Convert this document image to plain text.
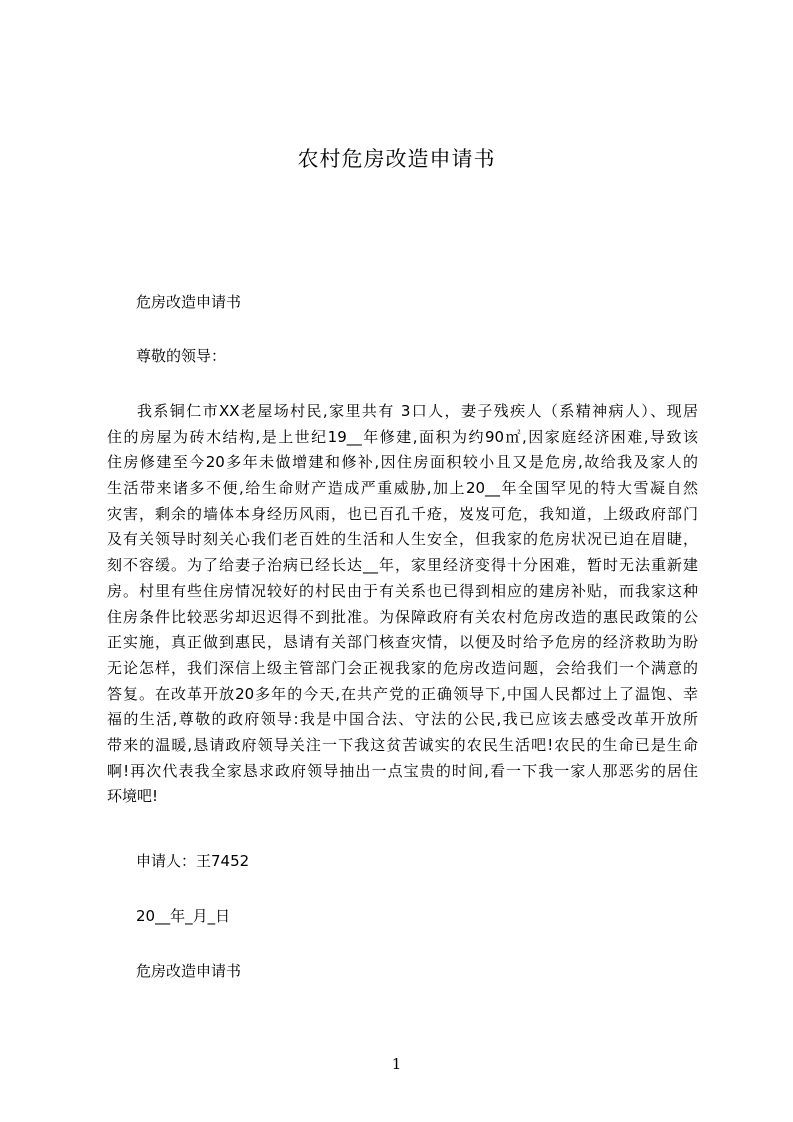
农村危房改造申请书
危房改造申请书
尊敬的领导：
我系铜仁市XX老屋场村民,家里共有 3口人，妻子残疾人（系精神病人）、现居
住的房屋为砖木结构,是上世纪19__年修建,面积为约90㎡,因家庭经济困难,导致该
住房修建至今20多年未做增建和修补,因住房面积较小且又是危房,故给我及家人的
生活带来诸多不便,给生命财产造成严重威胁,加上20__年全国罕见的特大雪凝自然
灾害，剩余的墙体本身经历风雨，也已百孔千疮，岌岌可危，我知道，上级政府部门
及有关领导时刻关心我们老百姓的生活和人生安全，但我家的危房状况已迫在眉睫，
刻不容缓。为了给妻子治病已经长达__年，家里经济变得十分困难，暂时无法重新建
房。村里有些住房情况较好的村民由于有关系也已得到相应的建房补贴，而我家这种
住房条件比较恶劣却迟迟得不到批准。为保障政府有关农村危房改造的惠民政策的公
正实施，真正做到惠民，恳请有关部门核查灾情，以便及时给予危房的经济救助为盼
无论怎样，我们深信上级主管部门会正视我家的危房改造问题，会给我们一个满意的
答复。在改革开放20多年的今天,在共产党的正确领导下,中国人民都过上了温饱、幸
福的生活,尊敬的政府领导:我是中国合法、守法的公民,我已应该去感受改革开放所
带来的温暖,恳请政府领导关注一下我这贫苦诚实的农民生活吧!农民的生命已是生命
啊!再次代表我全家恳求政府领导抽出一点宝贵的时间,看一下我一家人那恶劣的居住
环境吧!
申请人：王7452
20__年_月_日
危房改造申请书
1
